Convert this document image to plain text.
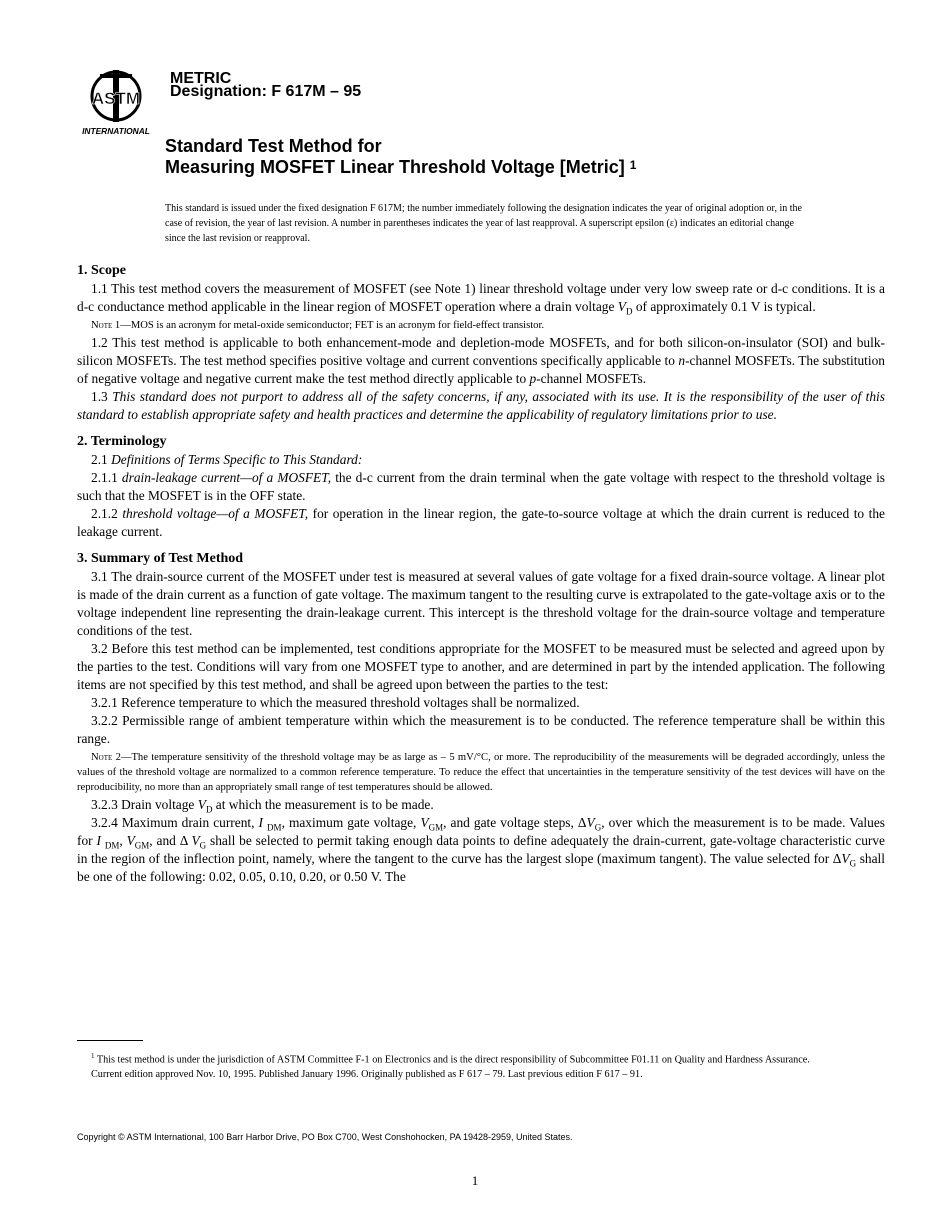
ASTM
INTERNATIONAL
METRIC
Designation: F 617M – 95
Standard Test Method for
Measuring MOSFET Linear Threshold Voltage [Metric] $^1$
This standard is issued under the fixed designation F 617M; the number immediately following the designation indicates the year of original adoption or, in the case of revision, the year of last revision. A number in parentheses indicates the year of last reapproval. A superscript epsilon (ε) indicates an editorial change since the last revision or reapproval.
1. Scope

1.1 This test method covers the measurement of MOSFET (see Note 1) linear threshold voltage under very low sweep rate or d-c conditions. It is a d-c conductance method applicable in the linear region of MOSFET operation where a drain voltage $V_D$ of approximately 0.1 V is typical.

Note 1—MOS is an acronym for metal-oxide semiconductor; FET is an acronym for field-effect transistor.

1.2 This test method is applicable to both enhancement-mode and depletion-mode MOSFETs, and for both silicon-on-insulator (SOI) and bulk-silicon MOSFETs. The test method specifies positive voltage and current conventions specifically applicable to n-channel MOSFETs. The substitution of negative voltage and negative current make the test method directly applicable to p-channel MOSFETs.

1.3 This standard does not purport to address all of the safety concerns, if any, associated with its use. It is the responsibility of the user of this standard to establish appropriate safety and health practices and determine the applicability of regulatory limitations prior to use.

2. Terminology

2.1 Definitions of Terms Specific to This Standard:

2.1.1 drain-leakage current—of a MOSFET, the d-c current from the drain terminal when the gate voltage with respect to the threshold voltage is such that the MOSFET is in the OFF state.

2.1.2 threshold voltage—of a MOSFET, for operation in the linear region, the gate-to-source voltage at which the drain current is reduced to the leakage current.

3. Summary of Test Method

3.1 The drain-source current of the MOSFET under test is measured at several values of gate voltage for a fixed drain-source voltage. A linear plot is made of the drain current as a function of gate voltage. The maximum tangent to the resulting curve is extrapolated to the gate-voltage axis or to the voltage independent line representing the drain-leakage current. This intercept is the threshold voltage for the drain-source voltage and temperature conditions of the test.

3.2 Before this test method can be implemented, test conditions appropriate for the MOSFET to be measured must be selected and agreed upon by the parties to the test. Conditions will vary from one MOSFET type to another, and are determined in part by the intended application. The following items are not specified by this test method, and shall be agreed upon between the parties to the test:

3.2.1 Reference temperature to which the measured threshold voltages shall be normalized.

3.2.2 Permissible range of ambient temperature within which the measurement is to be conducted. The reference temperature shall be within this range.

Note 2—The temperature sensitivity of the threshold voltage may be as large as – 5 mV/°C, or more. The reproducibility of the measurements will be degraded accordingly, unless the values of the threshold voltage are normalized to a common reference temperature. To reduce the effect that uncertainties in the temperature sensitivity of the test devices will have on the reproducibility, no more than an appropriately small range of test temperatures should be allowed.

3.2.3 Drain voltage $V_D$ at which the measurement is to be made.

3.2.4 Maximum drain current, I $_{DM}$, maximum gate voltage, $V_{GM}$, and gate voltage steps, $\Delta V_G$, over which the measurement is to be made. Values for I $_{DM}$, $V_{GM}$, and Δ $V_G$ shall be selected to permit taking enough data points to define adequately the drain-current, gate-voltage characteristic curve in the region of the inflection point, namely, where the tangent to the curve has the largest slope (maximum tangent). The value selected for $\Delta V_G$ shall be one of the following: 0.02, 0.05, 0.10, 0.20, or 0.50 V. The

$^1$ This test method is under the jurisdiction of ASTM Committee F-1 on Electronics and is the direct responsibility of Subcommittee F01.11 on Quality and Hardness Assurance.

Current edition approved Nov. 10, 1995. Published January 1996. Originally published as F 617 – 79. Last previous edition F 617 – 91.

Copyright © ASTM International, 100 Barr Harbor Drive, PO Box C700, West Conshohocken, PA 19428-2959, United States.
1
